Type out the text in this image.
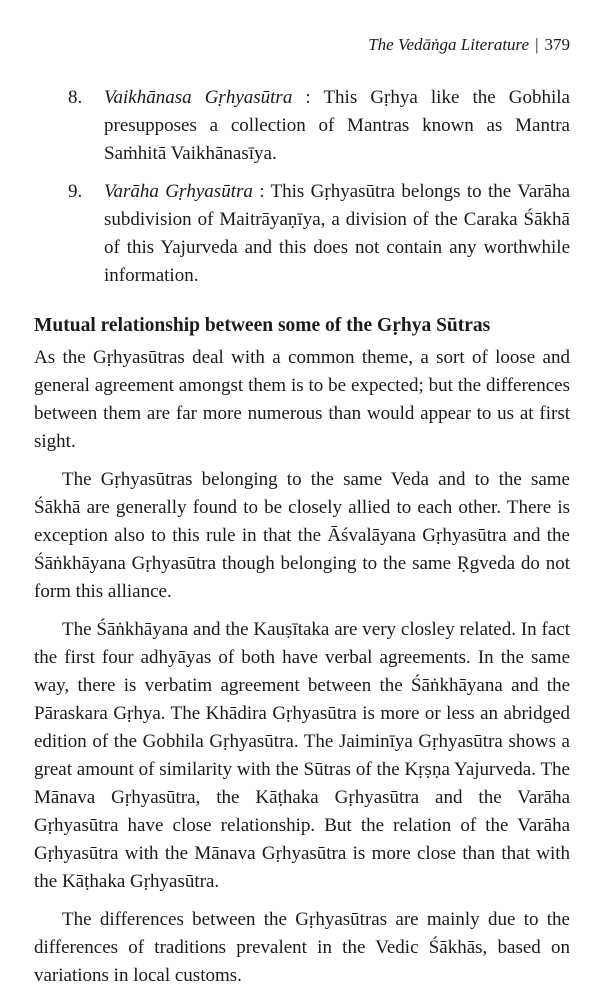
The Vedāṅga Literature | 379
8. Vaikhānasa Gṛhyasūtra : This Gṛhya like the Gobhila presupposes a collection of Mantras known as Mantra Saṁhitā Vaikhānasīya.
9. Varāha Gṛhyasūtra : This Gṛhyasūtra belongs to the Varāha subdivision of Maitrāyaṇīya, a division of the Caraka Śākhā of this Yajurveda and this does not contain any worthwhile information.
Mutual relationship between some of the Gṛhya Sūtras

As the Gṛhyasūtras deal with a common theme, a sort of loose and general agreement amongst them is to be expected; but the differences between them are far more numerous than would appear to us at first sight.

The Gṛhyasūtras belonging to the same Veda and to the same Śākhā are generally found to be closely allied to each other. There is exception also to this rule in that the Āśvalāyana Gṛhyasūtra and the Śāṅkhāyana Gṛhyasūtra though belonging to the same Ṛgveda do not form this alliance.

The Śāṅkhāyana and the Kauṣītaka are very closley related. In fact the first four adhyāyas of both have verbal agreements. In the same way, there is verbatim agreement between the Śāṅkhāyana and the Pāraskara Gṛhya. The Khādira Gṛhyasūtra is more or less an abridged edition of the Gobhila Gṛhyasūtra. The Jaiminīya Gṛhyasūtra shows a great amount of similarity with the Sūtras of the Kṛṣṇa Yajurveda. The Mānava Gṛhyasūtra, the Kāṭhaka Gṛhyasūtra and the Varāha Gṛhyasūtra have close relationship. But the relation of the Varāha Gṛhyasūtra with the Mānava Gṛhyasūtra is more close than that with the Kāṭhaka Gṛhyasūtra.

The differences between the Gṛhyasūtras are mainly due to the differences of traditions prevalent in the Vedic Śākhās, based on variations in local customs.
